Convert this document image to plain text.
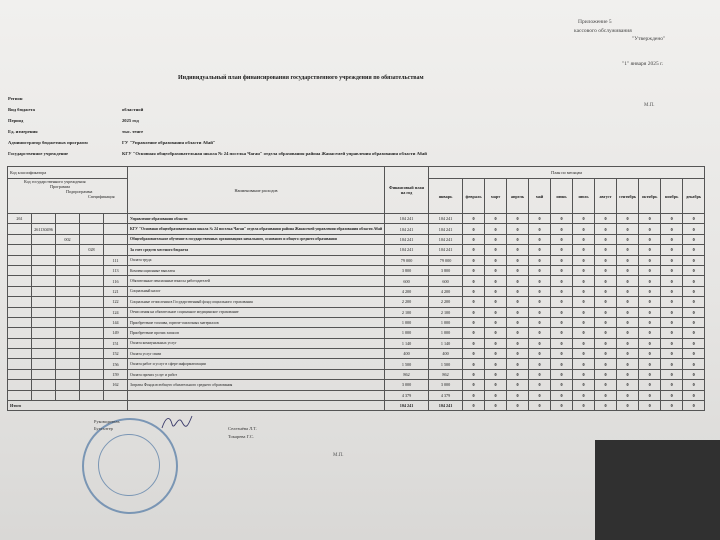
Приложение 5
кассового обслуживания
"Утверждено"
"1" января 2025 г.
М.П.
Индивидуальный план финансирования государственного учреждения по обязательствам
Регион
Вид бюджета	областной
Период	2025 год
Ед. измерения	тыс. тенге
Администратор бюджетных программ	ГУ "Управление образования области Абай"
Государственное учреждение	КГУ "Основная общеобразовательная школа № 24 поселка Чаган" отдела образования района Жанасемей управления образования области Абай
Код классификатора					Наименование расходов	Финансовый план на год	План по месяцам											

Код государственного учреждения
Программа
Подпрограмма
Спецификация							январь	февраль	март	апрель	май	июнь	июль	август	сентябрь	октябрь	ноябрь	декабрь
261					Управление образования области	104 241	104 241	0	0	0	0	0	0	0	0	0	0	0
	261130496				КГУ "Основная общеобразовательная школа № 24 поселка Чаган" отдела образования района Жанасемей управления образования области Абай	104 241	104 241	0	0	0	0	0	0	0	0	0	0	0
		002			Общеобразовательное обучение в государственных организациях начального, основного и общего среднего образования	104 241	104 241	0	0	0	0	0	0	0	0	0	0	0
			028		За счет средств местного бюджета	104 241	104 241	0	0	0	0	0	0	0	0	0	0	0
				111	Оплата труда	79 000	79 000	0	0	0	0	0	0	0	0	0	0	0
				113	Компенсационные выплаты	3 800	3 800	0	0	0	0	0	0	0	0	0	0	0
				116	Обязательные пенсионные взносы работодателей	600	600	0	0	0	0	0	0	0	0	0	0	0
				121	Социальный налог	4 200	4 200	0	0	0	0	0	0	0	0	0	0	0
				122	Социальные отчисления в Государственный фонд социального страхования	2 200	2 200	0	0	0	0	0	0	0	0	0	0	0
				124	Отчисления на обязательное социальное медицинское страхование	2 100	2 100	0	0	0	0	0	0	0	0	0	0	0
				144	Приобретение топлива, горюче-смазочных материалов	1 000	1 000	0	0	0	0	0	0	0	0	0	0	0
				149	Приобретение прочих запасов	1 000	1 000	0	0	0	0	0	0	0	0	0	0	0
				151	Оплата коммунальных услуг	1 140	1 140	0	0	0	0	0	0	0	0	0	0	0
				152	Оплата услуг связи	400	400	0	0	0	0	0	0	0	0	0	0	0
				156	Оплата работ и услуг в сфере информатизации	1 500	1 500	0	0	0	0	0	0	0	0	0	0	0
				159	Оплата прочих услуг и работ	862	862	0	0	0	0	0	0	0	0	0	0	0
				162	Затраты Фонда всеобщего обязательного среднего образования	3 000	3 000	0	0	0	0	0	0	0	0	0	0	0
						4 379	4 379	0	0	0	0	0	0	0	0	0	0	0
Итого						104 241	104 241	0	0	0	0	0	0	0	0	0	0	0
Руководитель
Бухгалтер	Селезнёва Л.Т.
Токарева Г.С.
М.П.
